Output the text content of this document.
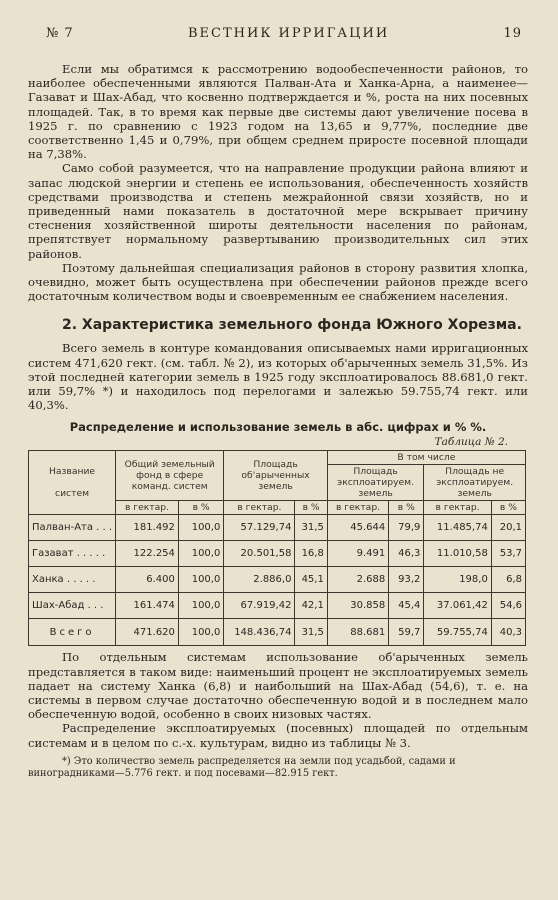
№ 7	ВЕСТНИК ИРРИГАЦИИ	19

Если мы обратимся к рассмотрению водообеспеченности районов, то наиболее обеспеченными являются Палван-Ата и Ханка-Арна, а наименее—Газават и Шах-Абад, что косвенно подтверждается и %, роста на них посевных площадей. Так, в то время как первые две системы дают увеличение посева в 1925 г. по сравнению с 1923 годом на 13,65 и 9,77%, последние две соответственно 1,45 и 0,79%, при общем среднем приросте посевной площади на 7,38%.

Само собой разумеется, что на направление продукции района влияют и запас людской энергии и степень ее использования, обеспеченность хозяйств средствами производства и степень межрайонной связи хозяйств, но и приведенный нами показатель в достаточной мере вскрывает причину стеснения хозяйственной широты деятельности населения по районам, препятствует нормальному развертыванию производительных сил этих районов.

Поэтому дальнейшая специализация районов в сторону развития хлопка, очевидно, может быть осуществлена при обеспечении районов прежде всего достаточным количеством воды и своевременным ее снабжением населения.

2. Характеристика земельного фонда Южного Хорезма.

Всего земель в контуре командования описываемых нами ирригационных систем 471,620 гект. (см. табл. № 2), из которых об'арыченных земель 31,5%. Из этой последней категории земель в 1925 году эксплоатировалось 88.681,0 гект. или 59,7% *) и находилось под перелогами и залежью 59.755,74 гект. или 40,3%.

Распределение и использование земель в абс. цифрах и % %.
Таблица № 2.
Название

систем	Общий земельный фонд в сфере команд. систем		Площадь об'арыченных земель		В том числе			
					Площадь эксплоатируем. земель		Площадь не эксплоатируем. земель	
	в гектар.	в %	в гектар.	в %	в гектар.	в %	в гектар.	в %
Палван-Ата . . .	181.492	100,0	57.129,74	31,5	45.644	79,9	11.485,74	20,1
Газават . . . . .	122.254	100,0	20.501,58	16,8	9.491	46,3	11.010,58	53,7
Ханка . . . . .	6.400	100,0	2.886,0	45,1	2.688	93,2	198,0	6,8
Шах-Абад . . .	161.474	100,0	67.919,42	42,1	30.858	45,4	37.061,42	54,6
Всего	471.620	100,0	148.436,74	31,5	88.681	59,7	59.755,74	40,3

По отдельным системам использование об'арыченных земель представляется в таком виде: наименьший процент не эксплоатируемых земель падает на систему Ханка (6,8) и наибольший на Шах-Абад (54,6), т. е. на системы в первом случае достаточно обеспеченную водой и в последнем мало обеспеченную водой, особенно в своих низовых частях.

Распределение эксплоатируемых (посевных) площадей по отдельным системам и в целом по с.-х. культурам, видно из таблицы № 3.

*) Это количество земель распределяется на земли под усадьбой, садами и виноградниками—5.776 гект. и под посевами—82.915 гект.
